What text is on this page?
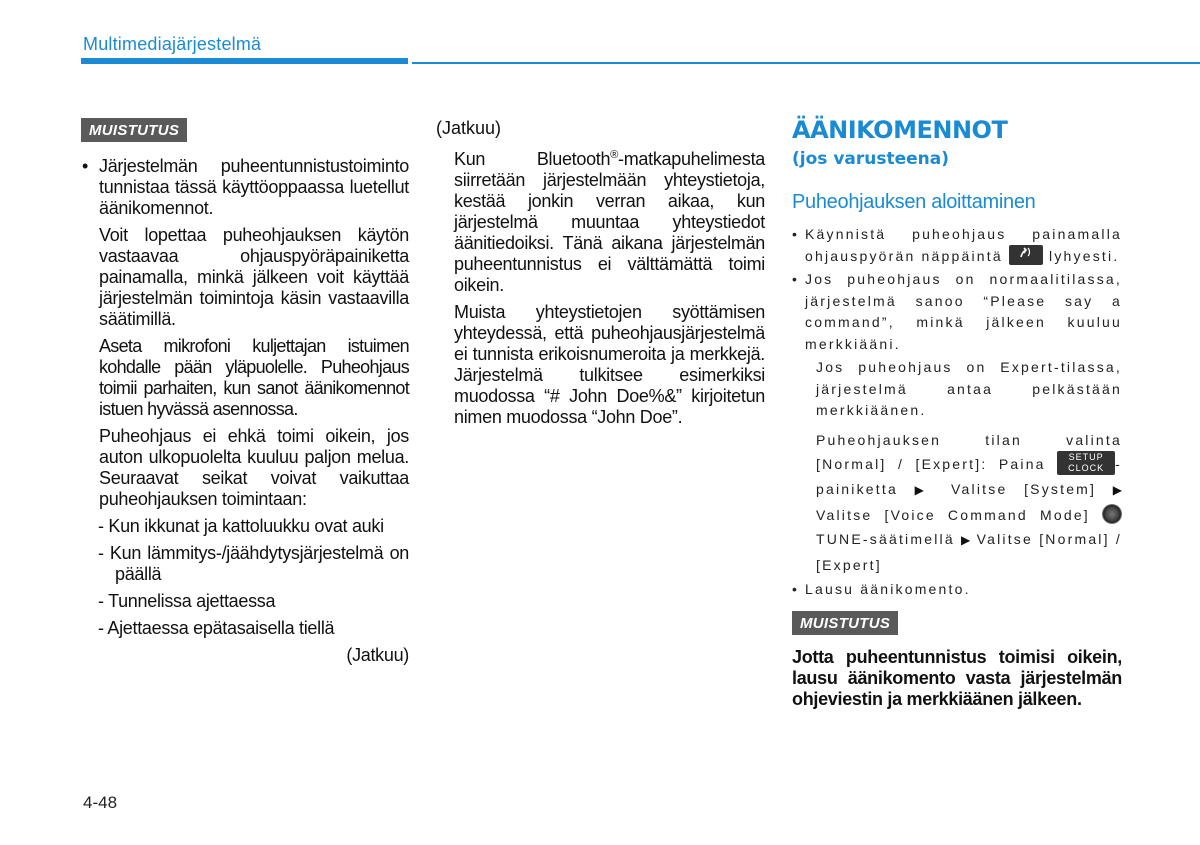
Multimediajärjestelmä
MUISTUTUS
• Järjestelmän puheentunnistustoiminto tunnistaa tässä käyttöoppaassa luetellut äänikomennot.
Voit lopettaa puheohjauksen käytön vastaavaa ohjauspyöräpainiketta painamalla, minkä jälkeen voit käyttää järjestelmän toimintoja käsin vastaavilla säätimillä.
Aseta mikrofoni kuljettajan istuimen kohdalle pään yläpuolelle. Puheohjaus toimii parhaiten, kun sanot äänikomennot istuen hyvässä asennossa.
Puheohjaus ei ehkä toimi oikein, jos auton ulkopuolelta kuuluu paljon melua. Seuraavat seikat voivat vaikuttaa puheohjauksen toimintaan:
- Kun ikkunat ja kattoluukku ovat auki
- Kun lämmitys-/jäähdytysjärjestelmä on päällä
- Tunnelissa ajettaessa
- Ajettaessa epätasaisella tiellä
(Jatkuu)
(Jatkuu)
Kun Bluetooth®-matkapuhelimesta siirretään järjestelmään yhteystietoja, kestää jonkin verran aikaa, kun järjestelmä muuntaa yhteystiedot äänitiedoiksi. Tänä aikana järjestelmän puheentunnistus ei välttämättä toimi oikein.
Muista yhteystietojen syöttämisen yhteydessä, että puheohjausjärjestelmä ei tunnista erikoisnumeroita ja merkkejä. Järjestelmä tulkitsee esimerkiksi muodossa “# John Doe%&” kirjoitetun nimen muodossa “John Doe”.
ÄÄNIKOMENNOT
(jos varusteena)
Puheohjauksen aloittaminen
• Käynnistä puheohjaus painamalla ohjauspyörän näppäintä	lyhyesti.
• Jos puheohjaus on normaalitilassa, järjestelmä sanoo “Please say a command”, minkä jälkeen kuuluu merkkiääni.
Jos puheohjaus on Expert-tilassa, järjestelmä antaa pelkästään merkkiäänen.
Puheohjauksen tilan valinta [Normal] / [Expert]: Paina	SETUP
CLOCK -painiketta ▶ Valitse [System] ▶ Valitse [Voice Command Mode]  TUNE-säätimellä ▶ Valitse [Normal] / [Expert]
• Lausu äänikomento.
MUISTUTUS
Jotta puheentunnistus toimisi oikein, lausu äänikomento vasta järjestelmän ohjeviestin ja merkkiäänen jälkeen.
4-48
